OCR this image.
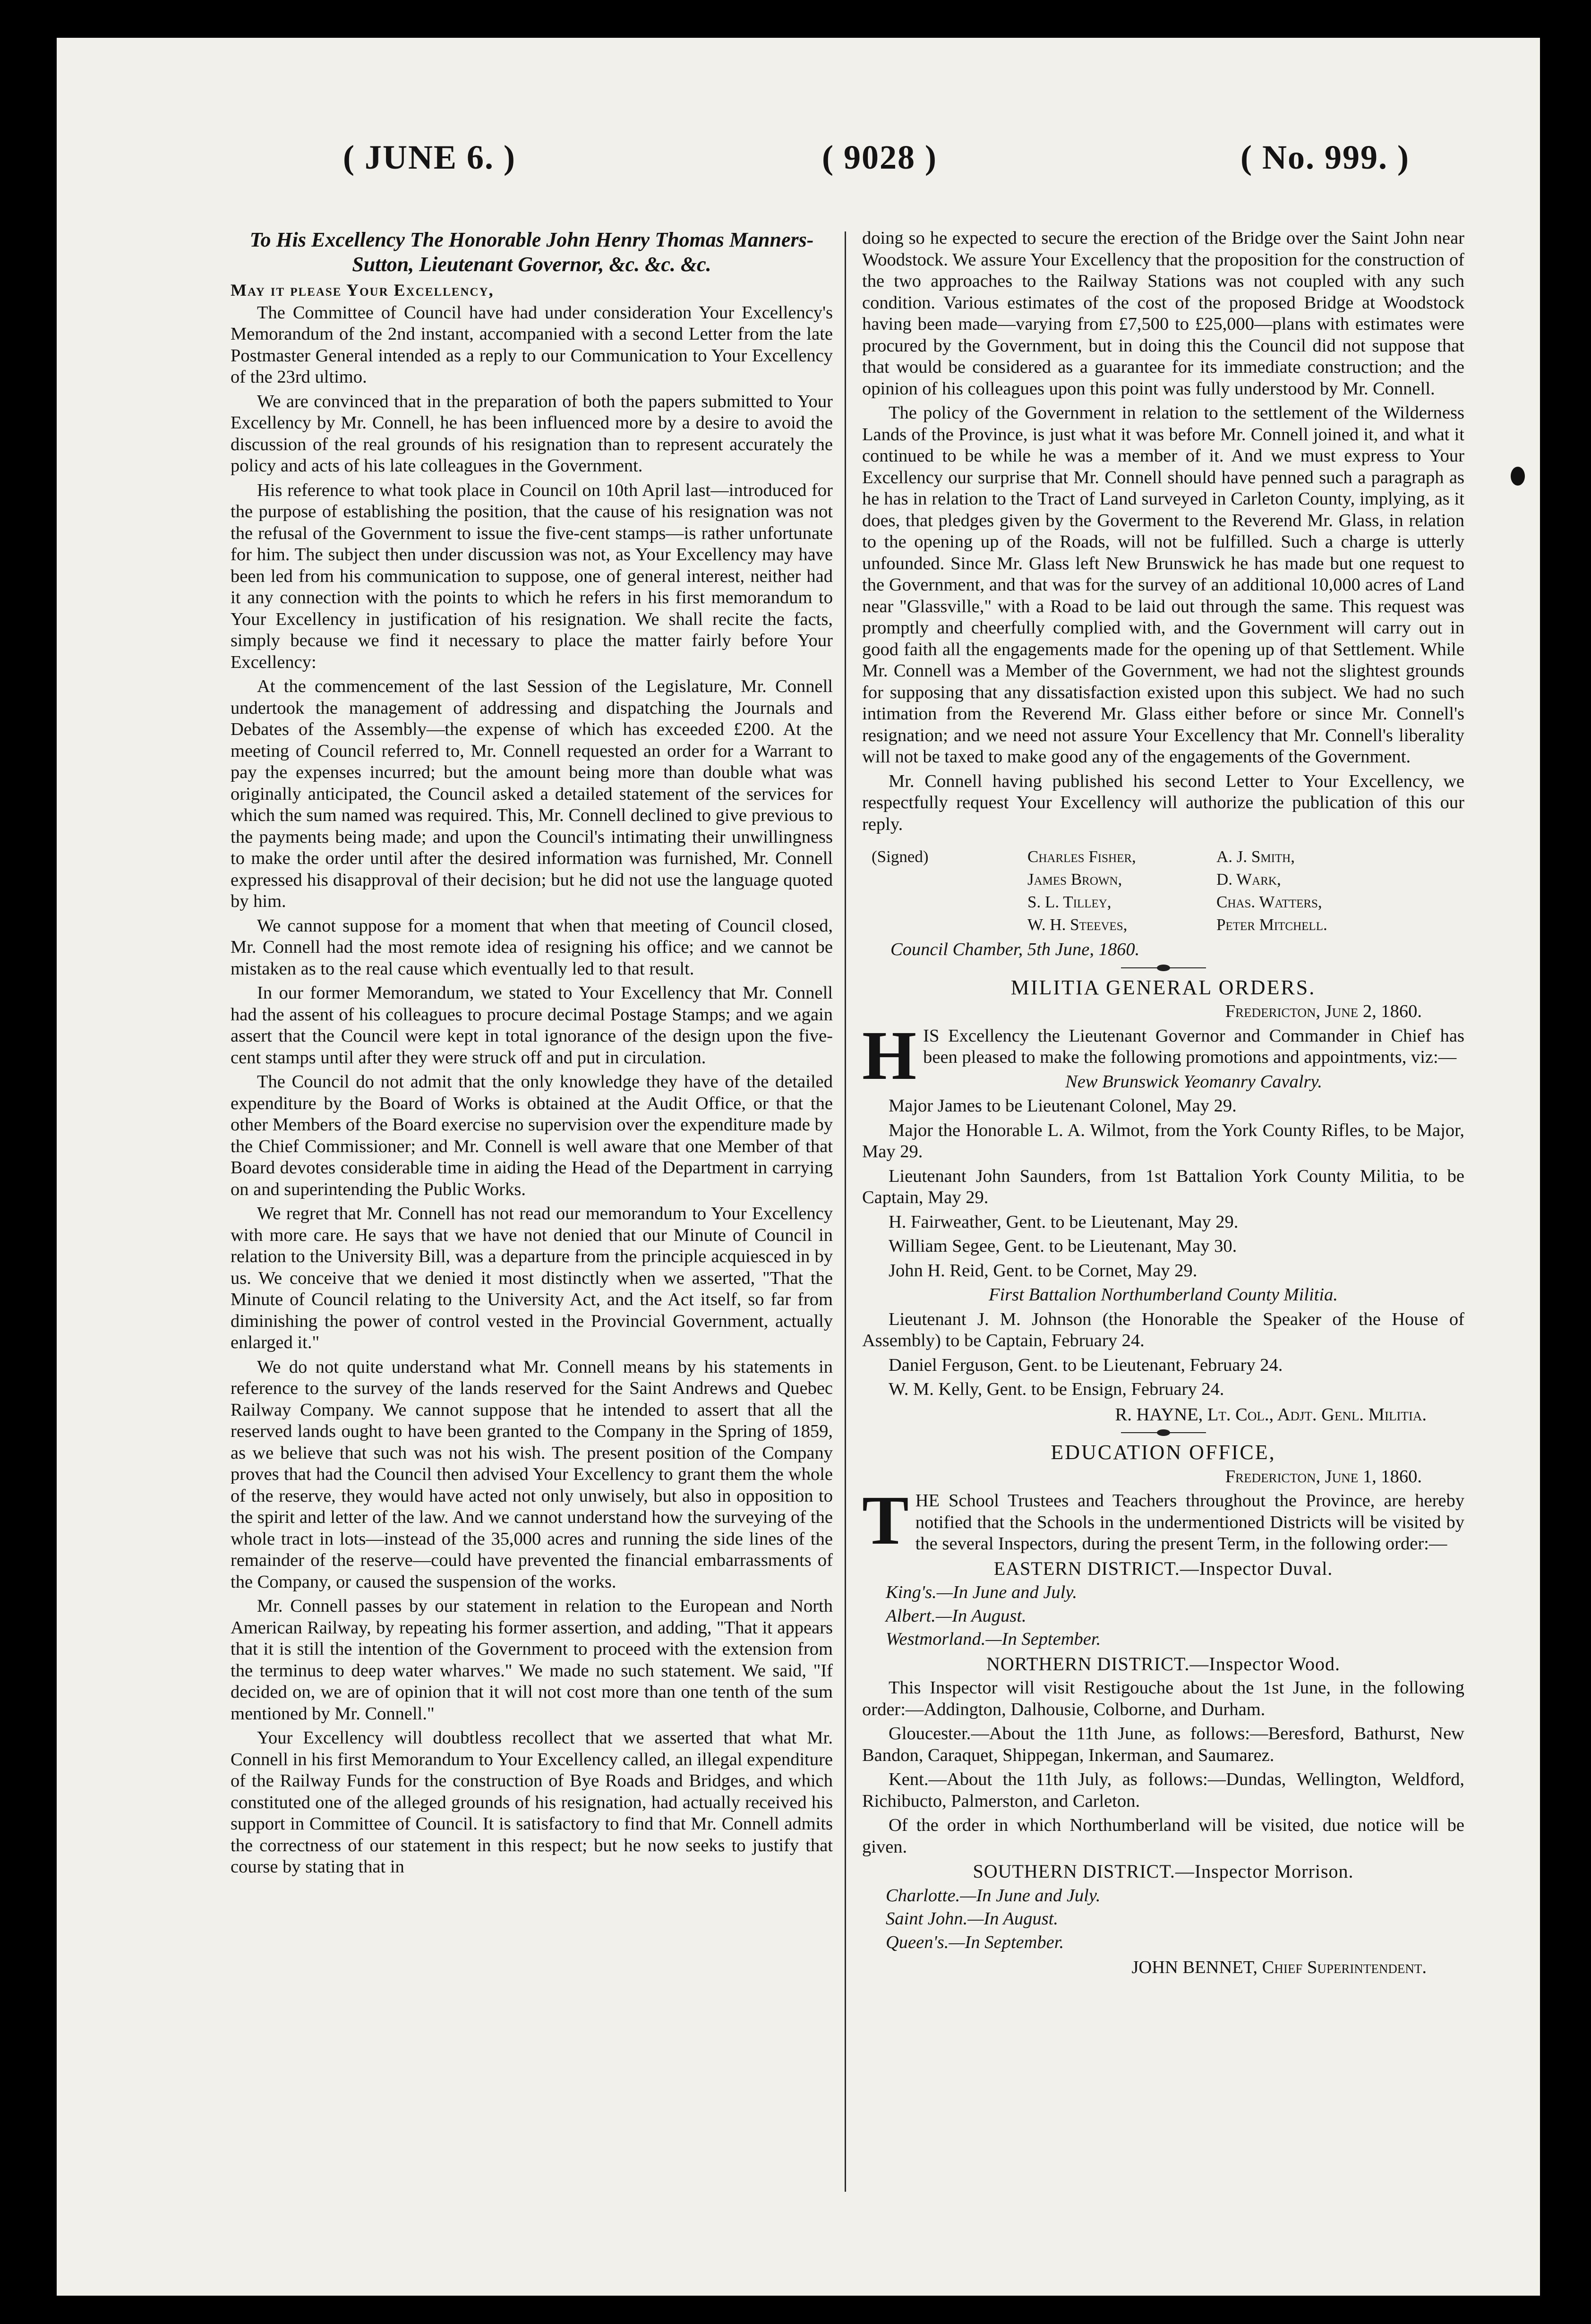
( JUNE 6. )	( 9028 )	( No. 999. )
To His Excellency The Honorable John Henry Thomas Manners-Sutton, Lieutenant Governor, &c. &c. &c.
May it please Your Excellency,

The Committee of Council have had under consideration Your Excellency's Memorandum of the 2nd instant, accompanied with a second Letter from the late Postmaster General intended as a reply to our Communication to Your Excellency of the 23rd ultimo.

We are convinced that in the preparation of both the papers submitted to Your Excellency by Mr. Connell, he has been influenced more by a desire to avoid the discussion of the real grounds of his resignation than to represent accurately the policy and acts of his late colleagues in the Government.

His reference to what took place in Council on 10th April last—introduced for the purpose of establishing the position, that the cause of his resignation was not the refusal of the Government to issue the five-cent stamps—is rather unfortunate for him. The subject then under discussion was not, as Your Excellency may have been led from his communication to suppose, one of general interest, neither had it any connection with the points to which he refers in his first memorandum to Your Excellency in justification of his resignation. We shall recite the facts, simply because we find it necessary to place the matter fairly before Your Excellency:

At the commencement of the last Session of the Legislature, Mr. Connell undertook the management of addressing and dispatching the Journals and Debates of the Assembly—the expense of which has exceeded £200. At the meeting of Council referred to, Mr. Connell requested an order for a Warrant to pay the expenses incurred; but the amount being more than double what was originally anticipated, the Council asked a detailed statement of the services for which the sum named was required. This, Mr. Connell declined to give previous to the payments being made; and upon the Council's intimating their unwillingness to make the order until after the desired information was furnished, Mr. Connell expressed his disapproval of their decision; but he did not use the language quoted by him.

We cannot suppose for a moment that when that meeting of Council closed, Mr. Connell had the most remote idea of resigning his office; and we cannot be mistaken as to the real cause which eventually led to that result.

In our former Memorandum, we stated to Your Excellency that Mr. Connell had the assent of his colleagues to procure decimal Postage Stamps; and we again assert that the Council were kept in total ignorance of the design upon the five-cent stamps until after they were struck off and put in circulation.

The Council do not admit that the only knowledge they have of the detailed expenditure by the Board of Works is obtained at the Audit Office, or that the other Members of the Board exercise no supervision over the expenditure made by the Chief Commissioner; and Mr. Connell is well aware that one Member of that Board devotes considerable time in aiding the Head of the Department in carrying on and superintending the Public Works.

We regret that Mr. Connell has not read our memorandum to Your Excellency with more care. He says that we have not denied that our Minute of Council in relation to the University Bill, was a departure from the principle acquiesced in by us. We conceive that we denied it most distinctly when we asserted, "That the Minute of Council relating to the University Act, and the Act itself, so far from diminishing the power of control vested in the Provincial Government, actually enlarged it."

We do not quite understand what Mr. Connell means by his statements in reference to the survey of the lands reserved for the Saint Andrews and Quebec Railway Company. We cannot suppose that he intended to assert that all the reserved lands ought to have been granted to the Company in the Spring of 1859, as we believe that such was not his wish. The present position of the Company proves that had the Council then advised Your Excellency to grant them the whole of the reserve, they would have acted not only unwisely, but also in opposition to the spirit and letter of the law. And we cannot understand how the surveying of the whole tract in lots—instead of the 35,000 acres and running the side lines of the remainder of the reserve—could have prevented the financial embarrassments of the Company, or caused the suspension of the works.

Mr. Connell passes by our statement in relation to the European and North American Railway, by repeating his former assertion, and adding, "That it appears that it is still the intention of the Government to proceed with the extension from the terminus to deep water wharves." We made no such statement. We said, "If decided on, we are of opinion that it will not cost more than one tenth of the sum mentioned by Mr. Connell."

Your Excellency will doubtless recollect that we asserted that what Mr. Connell in his first Memorandum to Your Excellency called, an illegal expenditure of the Railway Funds for the construction of Bye Roads and Bridges, and which constituted one of the alleged grounds of his resignation, had actually received his support in Committee of Council. It is satisfactory to find that Mr. Connell admits the correctness of our statement in this respect; but he now seeks to justify that course by stating that in

doing so he expected to secure the erection of the Bridge over the Saint John near Woodstock. We assure Your Excellency that the proposition for the construction of the two approaches to the Railway Stations was not coupled with any such condition. Various estimates of the cost of the proposed Bridge at Woodstock having been made—varying from £7,500 to £25,000—plans with estimates were procured by the Government, but in doing this the Council did not suppose that that would be considered as a guarantee for its immediate construction; and the opinion of his colleagues upon this point was fully understood by Mr. Connell.

The policy of the Government in relation to the settlement of the Wilderness Lands of the Province, is just what it was before Mr. Connell joined it, and what it continued to be while he was a member of it. And we must express to Your Excellency our surprise that Mr. Connell should have penned such a paragraph as he has in relation to the Tract of Land surveyed in Carleton County, implying, as it does, that pledges given by the Goverment to the Reverend Mr. Glass, in relation to the opening up of the Roads, will not be fulfilled. Such a charge is utterly unfounded. Since Mr. Glass left New Brunswick he has made but one request to the Government, and that was for the survey of an additional 10,000 acres of Land near "Glassville," with a Road to be laid out through the same. This request was promptly and cheerfully complied with, and the Government will carry out in good faith all the engagements made for the opening up of that Settlement. While Mr. Connell was a Member of the Government, we had not the slightest grounds for supposing that any dissatisfaction existed upon this subject. We had no such intimation from the Reverend Mr. Glass either before or since Mr. Connell's resignation; and we need not assure Your Excellency that Mr. Connell's liberality will not be taxed to make good any of the engagements of the Government.

Mr. Connell having published his second Letter to Your Excellency, we respectfully request Your Excellency will authorize the publication of this our reply.

(Signed)	Charles Fisher,	A. J. Smith,
James Brown,	D. Wark,
S. L. Tilley,	Chas. Watters,
W. H. Steeves,	Peter Mitchell.

Council Chamber, 5th June, 1860.

MILITIA GENERAL ORDERS.
Fredericton, June 2, 1860.

HIS Excellency the Lieutenant Governor and Commander in Chief has been pleased to make the following promotions and appointments, viz:—

New Brunswick Yeomanry Cavalry.

Major James to be Lieutenant Colonel, May 29.

Major the Honorable L. A. Wilmot, from the York County Rifles, to be Major, May 29.

Lieutenant John Saunders, from 1st Battalion York County Militia, to be Captain, May 29.

H. Fairweather, Gent. to be Lieutenant, May 29.

William Segee, Gent. to be Lieutenant, May 30.

John H. Reid, Gent. to be Cornet, May 29.

First Battalion Northumberland County Militia.

Lieutenant J. M. Johnson (the Honorable the Speaker of the House of Assembly) to be Captain, February 24.

Daniel Ferguson, Gent. to be Lieutenant, February 24.

W. M. Kelly, Gent. to be Ensign, February 24.

R. HAYNE, Lt. Col., Adjt. Genl. Militia.
EDUCATION OFFICE,
Fredericton, June 1, 1860.

THE School Trustees and Teachers throughout the Province, are hereby notified that the Schools in the undermentioned Districts will be visited by the several Inspectors, during the present Term, in the following order:—

EASTERN DISTRICT.—Inspector Duval.

King's.—In June and July.

Albert.—In August.

Westmorland.—In September.

NORTHERN DISTRICT.—Inspector Wood.

This Inspector will visit Restigouche about the 1st June, in the following order:—Addington, Dalhousie, Colborne, and Durham.

Gloucester.—About the 11th June, as follows:—Beresford, Bathurst, New Bandon, Caraquet, Shippegan, Inkerman, and Saumarez.

Kent.—About the 11th July, as follows:—Dundas, Wellington, Weldford, Richibucto, Palmerston, and Carleton.

Of the order in which Northumberland will be visited, due notice will be given.

SOUTHERN DISTRICT.—Inspector Morrison.

Charlotte.—In June and July.

Saint John.—In August.

Queen's.—In September.

JOHN BENNET, Chief Superintendent.
